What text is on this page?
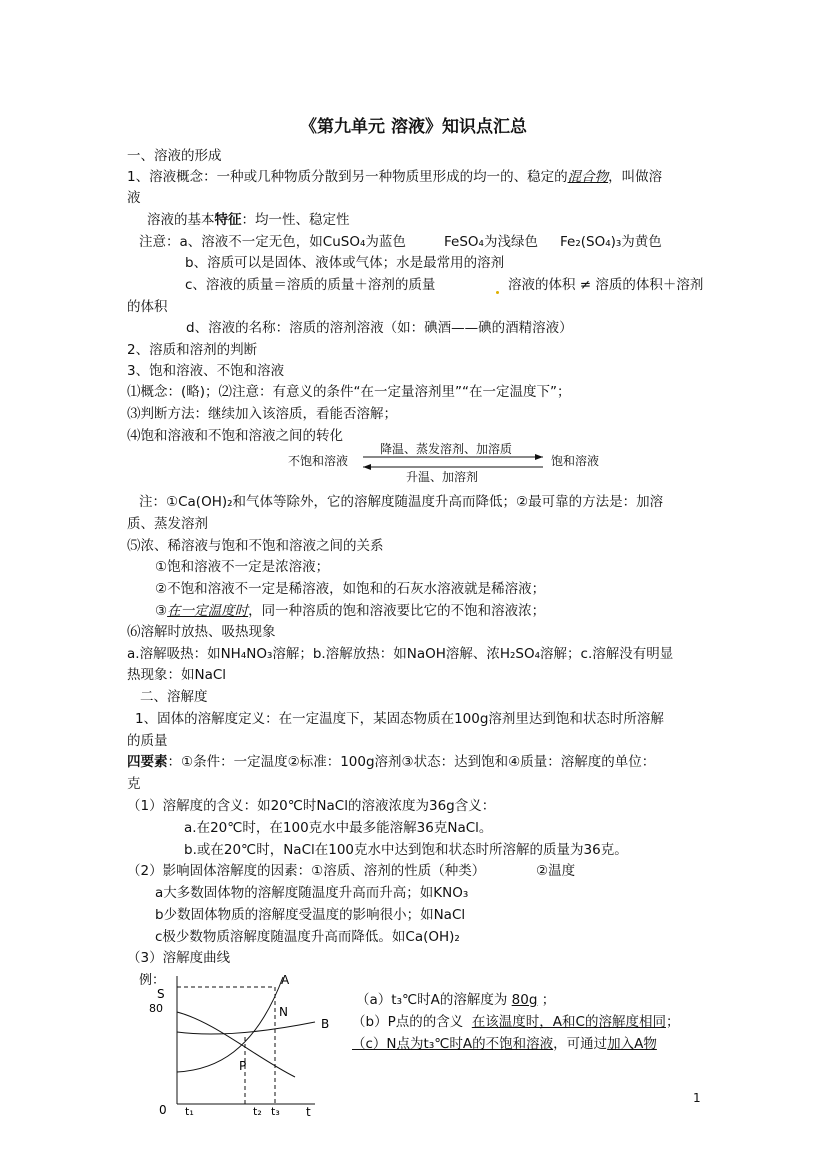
《第九单元 溶液》知识点汇总
一、溶液的形成
1、溶液概念：一种或几种物质分散到另一种物质里形成的均一的、稳定的混合物，叫做溶
液
溶液的基本特征：均一性、稳定性
注意：a、溶液不一定无色，如CuSO₄为蓝色	FeSO₄为浅绿色 Fe₂(SO₄)₃为黄色
b、溶质可以是固体、液体或气体；水是最常用的溶剂
c、溶液的质量＝溶质的质量＋溶剂的质量	溶液的体积 ≠ 溶质的体积＋溶剂
的体积
d、溶液的名称：溶质的溶剂溶液（如：碘酒——碘的酒精溶液）
2、溶质和溶剂的判断
3、饱和溶液、不饱和溶液
⑴概念：(略)；⑵注意：有意义的条件“在一定量溶剂里”“在一定温度下”；
⑶判断方法：继续加入该溶质，看能否溶解；
⑷饱和溶液和不饱和溶液之间的转化
不饱和溶液
降温、蒸发溶剂、加溶质
升温、加溶剂
饱和溶液
注：①Ca(OH)₂和气体等除外，它的溶解度随温度升高而降低；②最可靠的方法是：加溶
质、蒸发溶剂
⑸浓、稀溶液与饱和不饱和溶液之间的关系
①饱和溶液不一定是浓溶液；
②不饱和溶液不一定是稀溶液，如饱和的石灰水溶液就是稀溶液；
③在一定温度时，同一种溶质的饱和溶液要比它的不饱和溶液浓；
⑹溶解时放热、吸热现象
a.溶解吸热：如NH₄NO₃溶解；b.溶解放热：如NaOH溶解、浓H₂SO₄溶解；c.溶解没有明显
热现象：如NaCl
二、溶解度
1、固体的溶解度定义：在一定温度下，某固态物质在100g溶剂里达到饱和状态时所溶解
的质量
四要素：①条件：一定温度②标准：100g溶剂③状态：达到饱和④质量：溶解度的单位：
克
（1）溶解度的含义：如20℃时NaCl的溶液浓度为36g含义：
a.在20℃时，在100克水中最多能溶解36克NaCl。
b.或在20℃时，NaCl在100克水中达到饱和状态时所溶解的质量为36克。
（2）影响固体溶解度的因素：①溶质、溶剂的性质（种类）	②温度
a大多数固体物的溶解度随温度升高而升高；如KNO₃
b少数固体物质的溶解度受温度的影响很小；如NaCl
c极少数物质溶解度随温度升高而降低。如Ca(OH)₂
（3）溶解度曲线
例：
S
80
0 t₁	t₂ t₃ t
A
B
N
P
（a）t₃℃时A的溶解度为 80g ；
（b）P点的的含义 在该温度时，A和C的溶解度相同；
（c）N点为t₃℃时A的不饱和溶液，可通过加入A物
1
